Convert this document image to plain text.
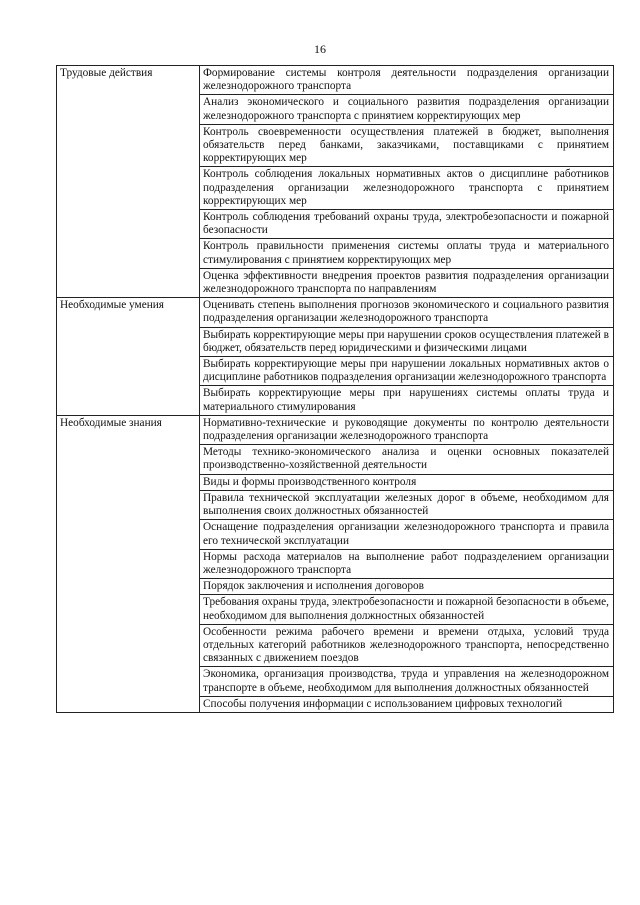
16
Трудовые действия	Формирование системы контроля деятельности подразделения организации железнодорожного транспорта
	Анализ экономического и социального развития подразделения организации железнодорожного транспорта с принятием корректирующих мер
	Контроль своевременности осуществления платежей в бюджет, выполнения обязательств перед банками, заказчиками, поставщиками с принятием корректирующих мер
	Контроль соблюдения локальных нормативных актов о дисциплине работников подразделения организации железнодорожного транспорта с принятием корректирующих мер
	Контроль соблюдения требований охраны труда, электробезопасности и пожарной безопасности
	Контроль правильности применения системы оплаты труда и материального стимулирования с принятием корректирующих мер
	Оценка эффективности внедрения проектов развития подразделения организации железнодорожного транспорта по направлениям
Необходимые умения	Оценивать степень выполнения прогнозов экономического и социального развития подразделения организации железнодорожного транспорта
	Выбирать корректирующие меры при нарушении сроков осуществления платежей в бюджет, обязательств перед юридическими и физическими лицами
	Выбирать корректирующие меры при нарушении локальных нормативных актов о дисциплине работников подразделения организации железнодорожного транспорта
	Выбирать корректирующие меры при нарушениях системы оплаты труда и материального стимулирования
Необходимые знания	Нормативно-технические и руководящие документы по контролю деятельности подразделения организации железнодорожного транспорта
	Методы технико-экономического анализа и оценки основных показателей производственно-хозяйственной деятельности
	Виды и формы производственного контроля
	Правила технической эксплуатации железных дорог в объеме, необходимом для выполнения своих должностных обязанностей
	Оснащение подразделения организации железнодорожного транспорта и правила его технической эксплуатации
	Нормы расхода материалов на выполнение работ подразделением организации железнодорожного транспорта
	Порядок заключения и исполнения договоров
	Требования охраны труда, электробезопасности и пожарной безопасности в объеме, необходимом для выполнения должностных обязанностей
	Особенности режима рабочего времени и времени отдыха, условий труда отдельных категорий работников железнодорожного транспорта, непосредственно связанных с движением поездов
	Экономика, организация производства, труда и управления на железнодорожном транспорте в объеме, необходимом для выполнения должностных обязанностей
	Способы получения информации с использованием цифровых технологий
